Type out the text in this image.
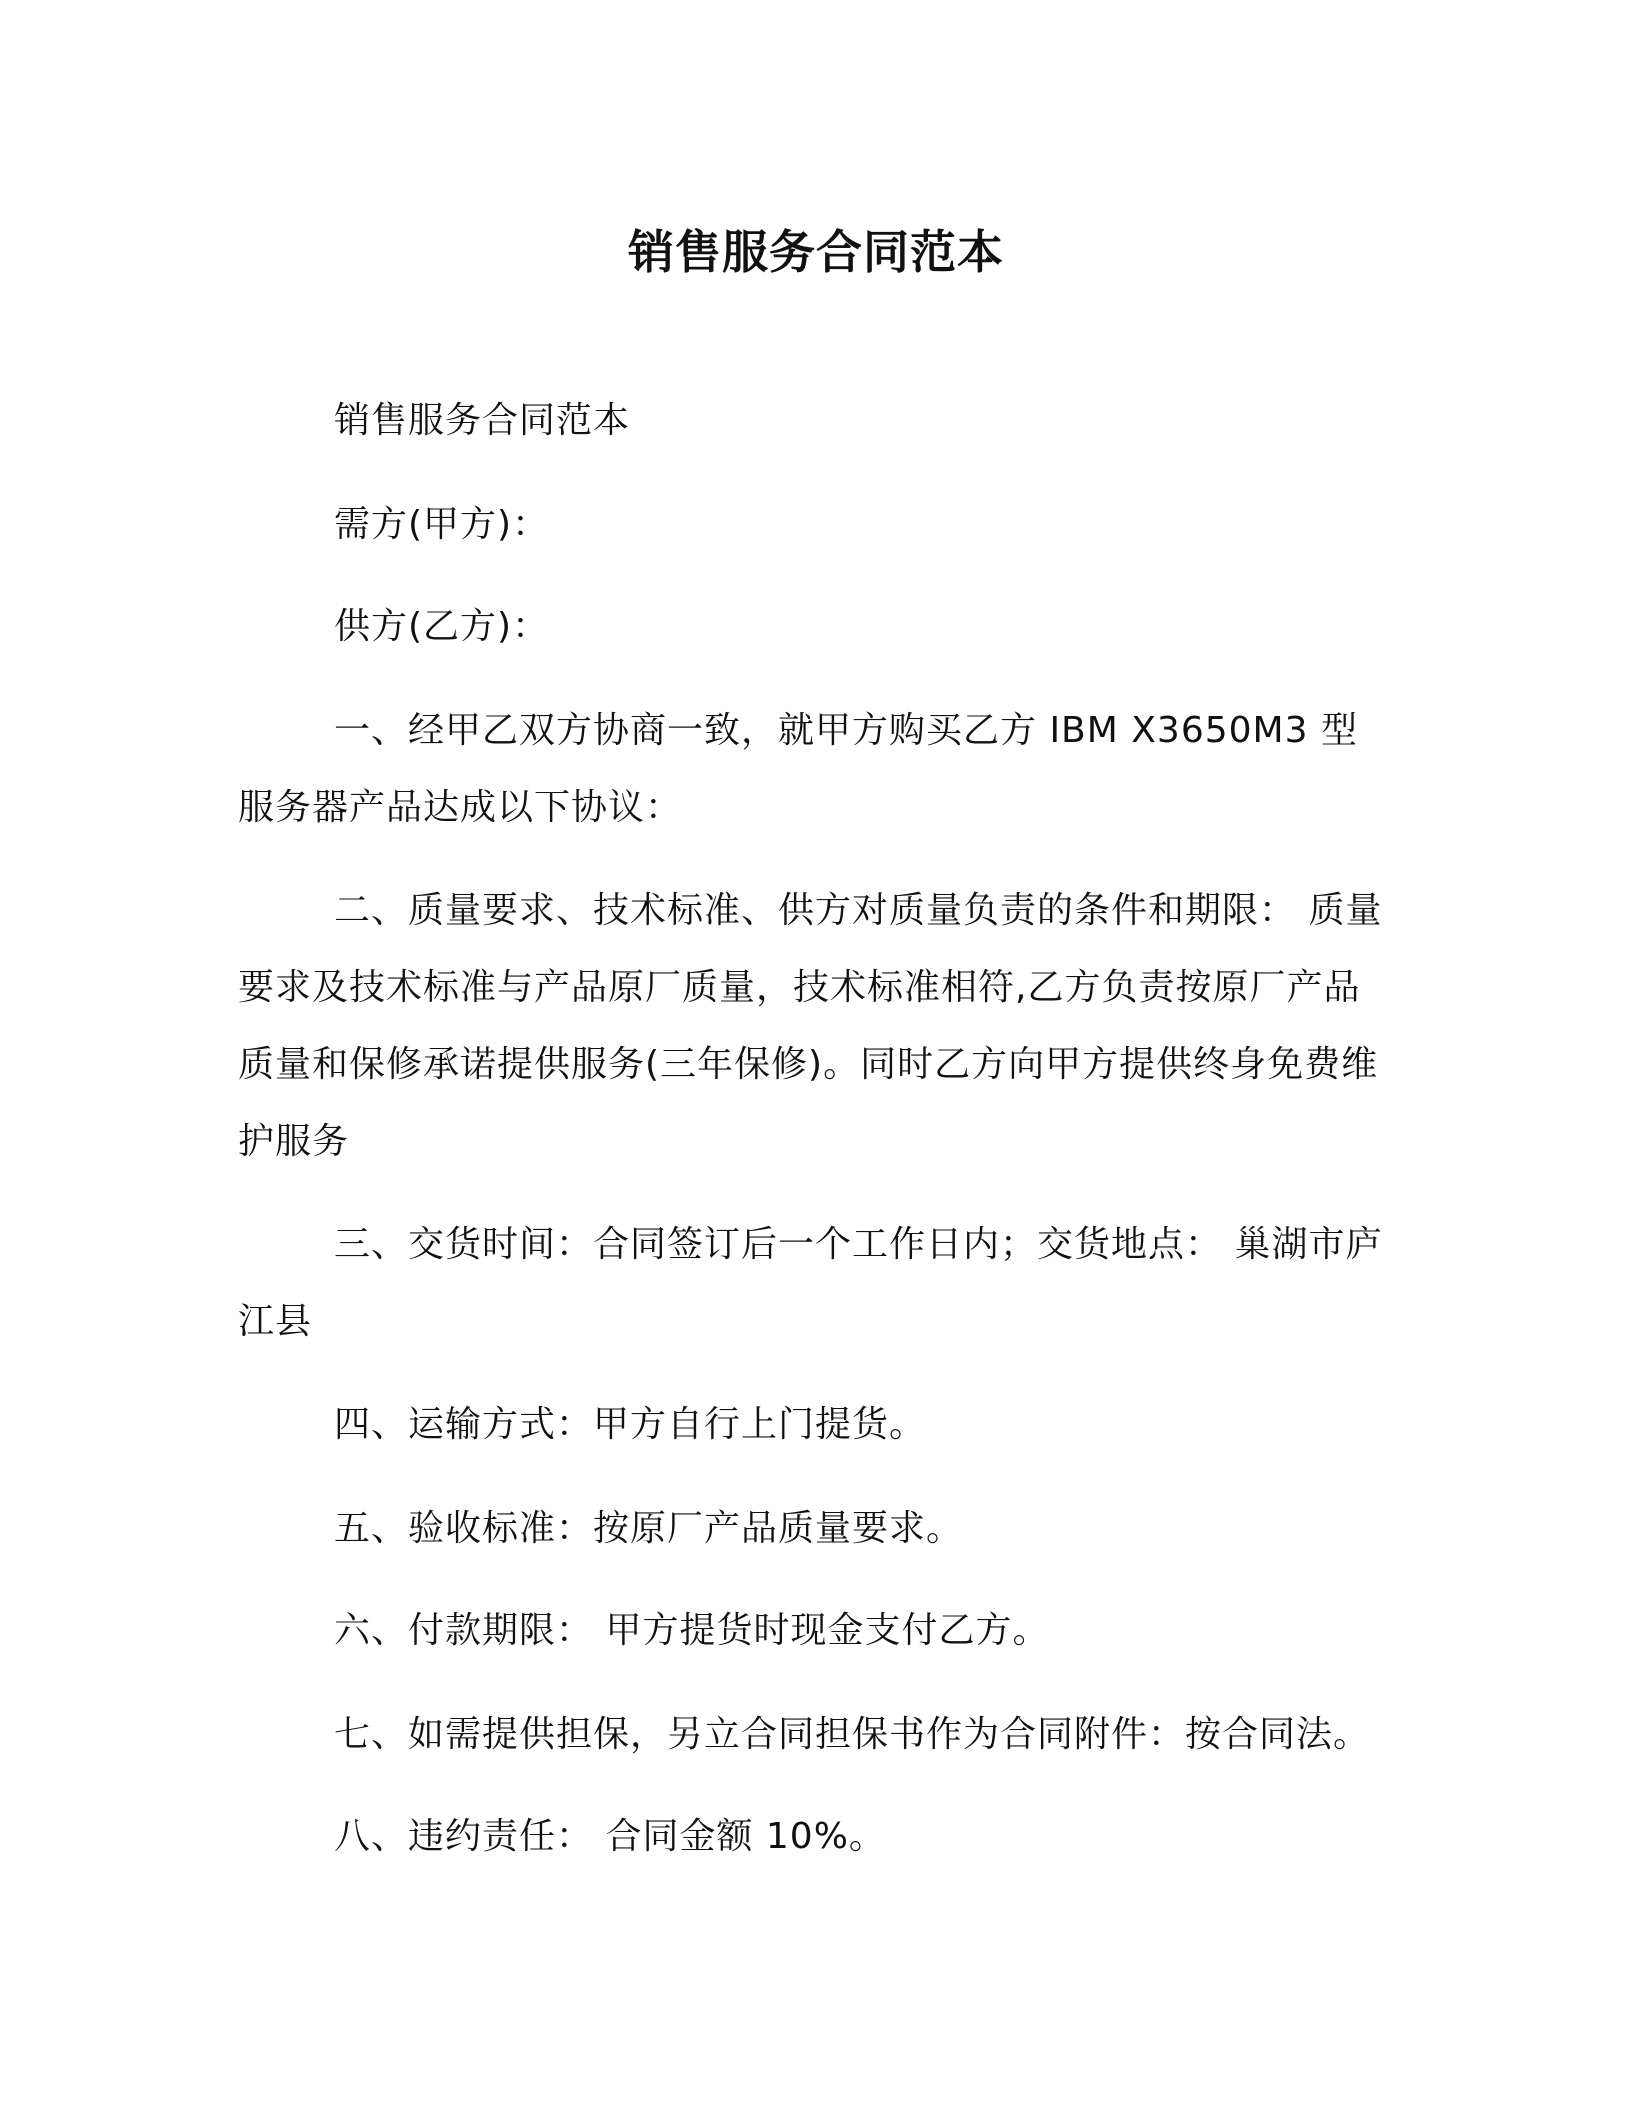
销售服务合同范本

销售服务合同范本

需方(甲方)：

供方(乙方)：

一、经甲乙双方协商一致，就甲方购买乙方 IBM X3650M3 型服务器产品达成以下协议：

二、质量要求、技术标准、供方对质量负责的条件和期限： 质量要求及技术标准与产品原厂质量，技术标准相符,乙方负责按原厂产品质量和保修承诺提供服务(三年保修)。同时乙方向甲方提供终身免费维护服务

三、交货时间：合同签订后一个工作日内；交货地点： 巢湖市庐江县

四、运输方式：甲方自行上门提货。

五、验收标准：按原厂产品质量要求。

六、付款期限： 甲方提货时现金支付乙方。

七、如需提供担保，另立合同担保书作为合同附件：按合同法。

八、违约责任： 合同金额 10%。
